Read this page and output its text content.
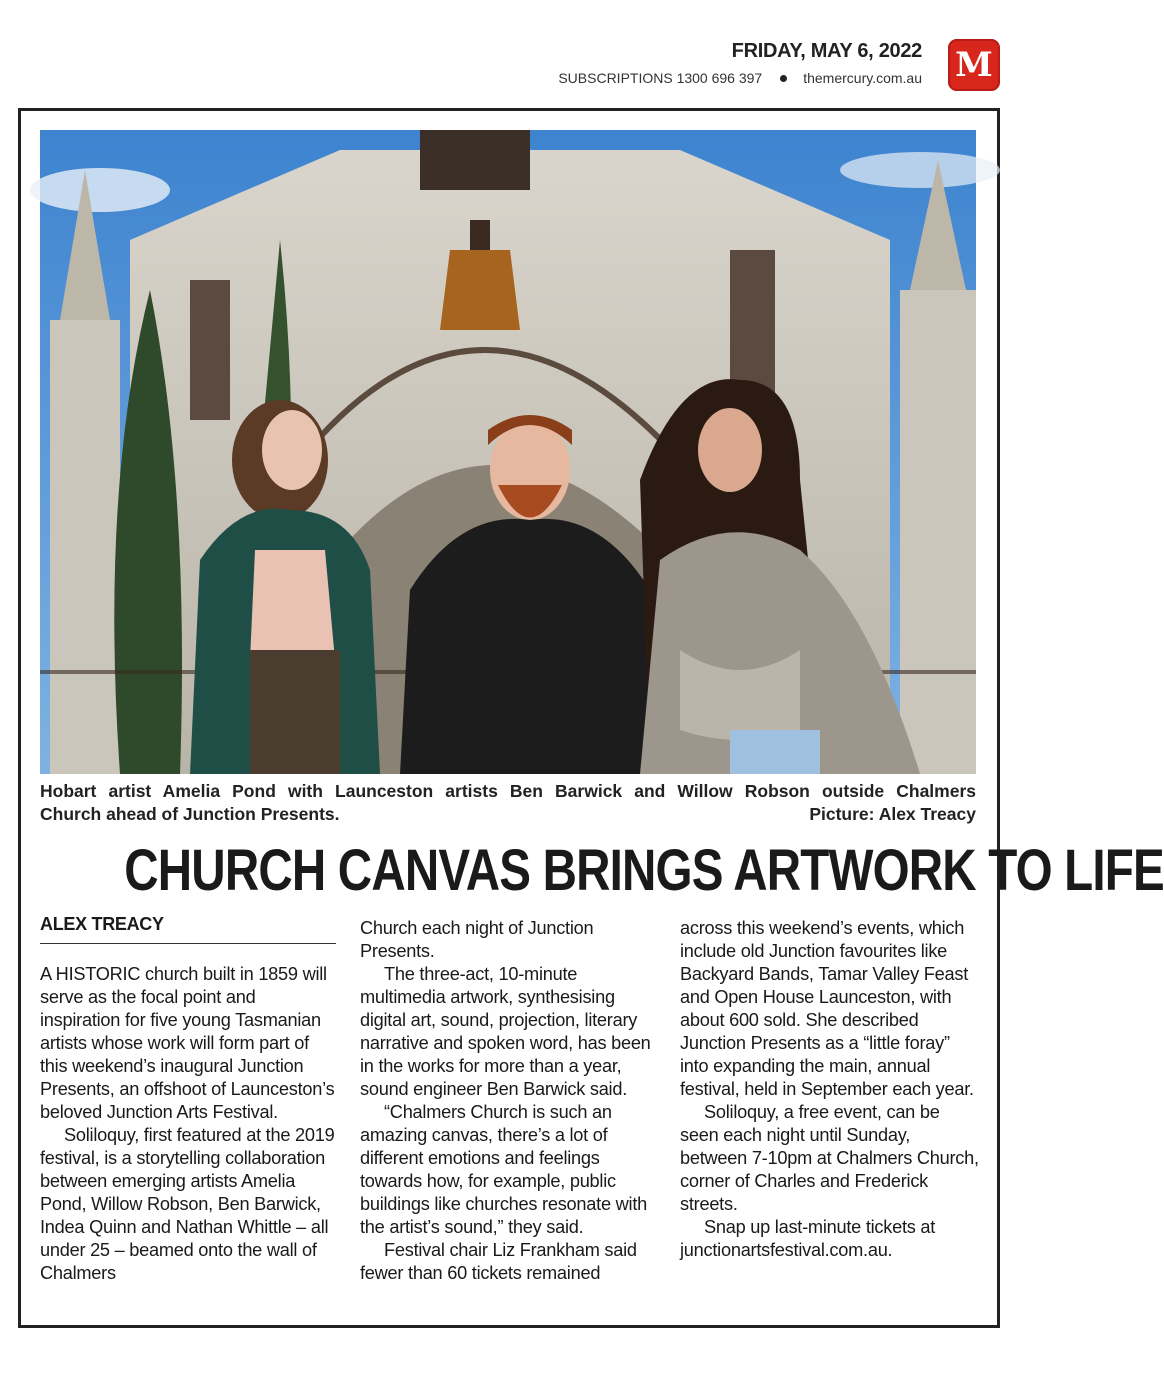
FRIDAY, MAY 6, 2022
SUBSCRIPTIONS 1300 696 397	themercury.com.au M
Hobart artist Amelia Pond with Launceston artists Ben Barwick and Willow Robson outside Chalmers
Church ahead of Junction Presents.	Picture: Alex Treacy
CHURCH CANVAS BRINGS ARTWORK TO LIFE
ALEX TREACY

A HISTORIC church built in 1859 will serve as the focal point and inspiration for five young Tasmanian artists whose work will form part of this weekend’s inaugural Junction Presents, an offshoot of Launceston’s beloved Junction Arts Festival.

Soliloquy, first featured at the 2019 festival, is a storytelling collaboration between emerging artists Amelia Pond, Willow Robson, Ben Barwick, Indea Quinn and Nathan Whittle – all under 25 – beamed onto the wall of Chalmers

Church each night of Junction Presents.

The three-act, 10-minute multimedia artwork, synthesising digital art, sound, projection, literary narrative and spoken word, has been in the works for more than a year, sound engineer Ben Barwick said.

“Chalmers Church is such an amazing canvas, there’s a lot of different emotions and feelings towards how, for example, public buildings like churches resonate with the artist’s sound,” they said.

Festival chair Liz Frankham said fewer than 60 tickets remained

across this weekend’s events, which include old Junction favourites like Backyard Bands, Tamar Valley Feast and Open House Launceston, with about 600 sold. She described Junction Presents as a “little foray” into expanding the main, annual festival, held in September each year.

Soliloquy, a free event, can be seen each night until Sunday, between 7-10pm at Chalmers Church, corner of Charles and Frederick streets.

Snap up last-minute tickets at junctionartsfestival.com.au.
